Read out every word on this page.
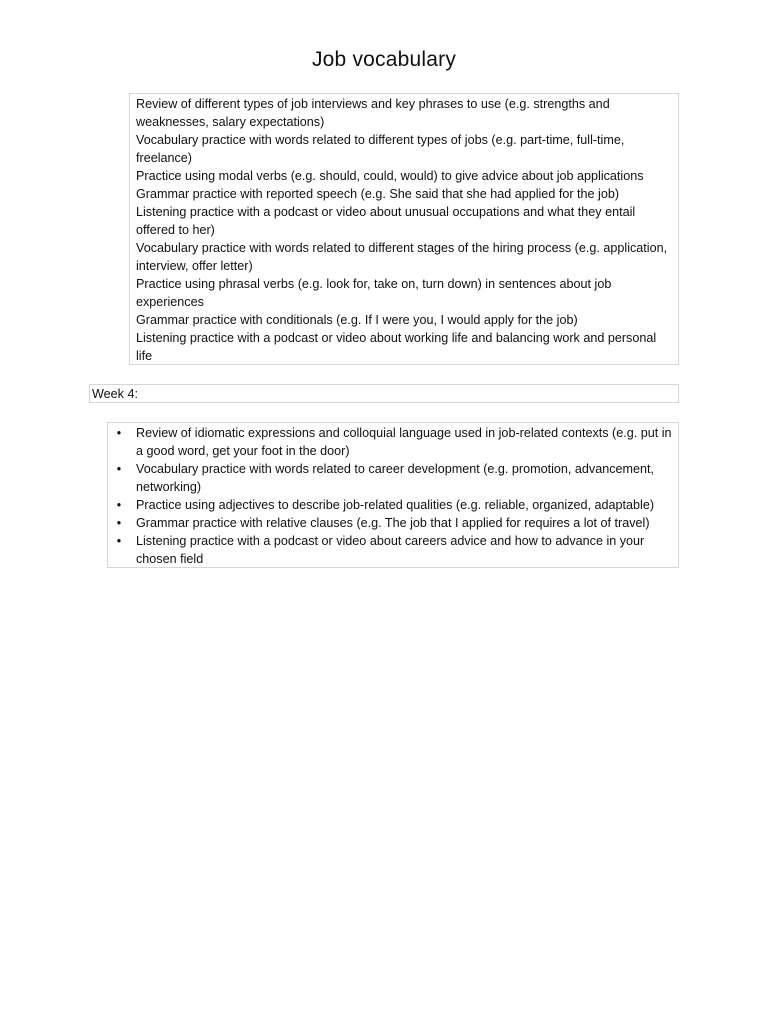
Job vocabulary

Review of different types of job interviews and key phrases to use (e.g. strengths and weaknesses, salary expectations)

Vocabulary practice with words related to different types of jobs (e.g. part-time, full-time, freelance)

Practice using modal verbs (e.g. should, could, would) to give advice about job applications

Grammar practice with reported speech (e.g. She said that she had applied for the job)

Listening practice with a podcast or video about unusual occupations and what they entail offered to her)

Vocabulary practice with words related to different stages of the hiring process (e.g. application, interview, offer letter)

Practice using phrasal verbs (e.g. look for, take on, turn down) in sentences about job experiences

Grammar practice with conditionals (e.g. If I were you, I would apply for the job)

Listening practice with a podcast or video about working life and balancing work and personal life

Week 4:
•	Review of idiomatic expressions and colloquial language used in job-related contexts (e.g. put in a good word, get your foot in the door)
•	Vocabulary practice with words related to career development (e.g. promotion, advancement, networking)
•	Practice using adjectives to describe job-related qualities (e.g. reliable, organized, adaptable)
•	Grammar practice with relative clauses (e.g. The job that I applied for requires a lot of travel)
•	Listening practice with a podcast or video about careers advice and how to advance in your chosen field
